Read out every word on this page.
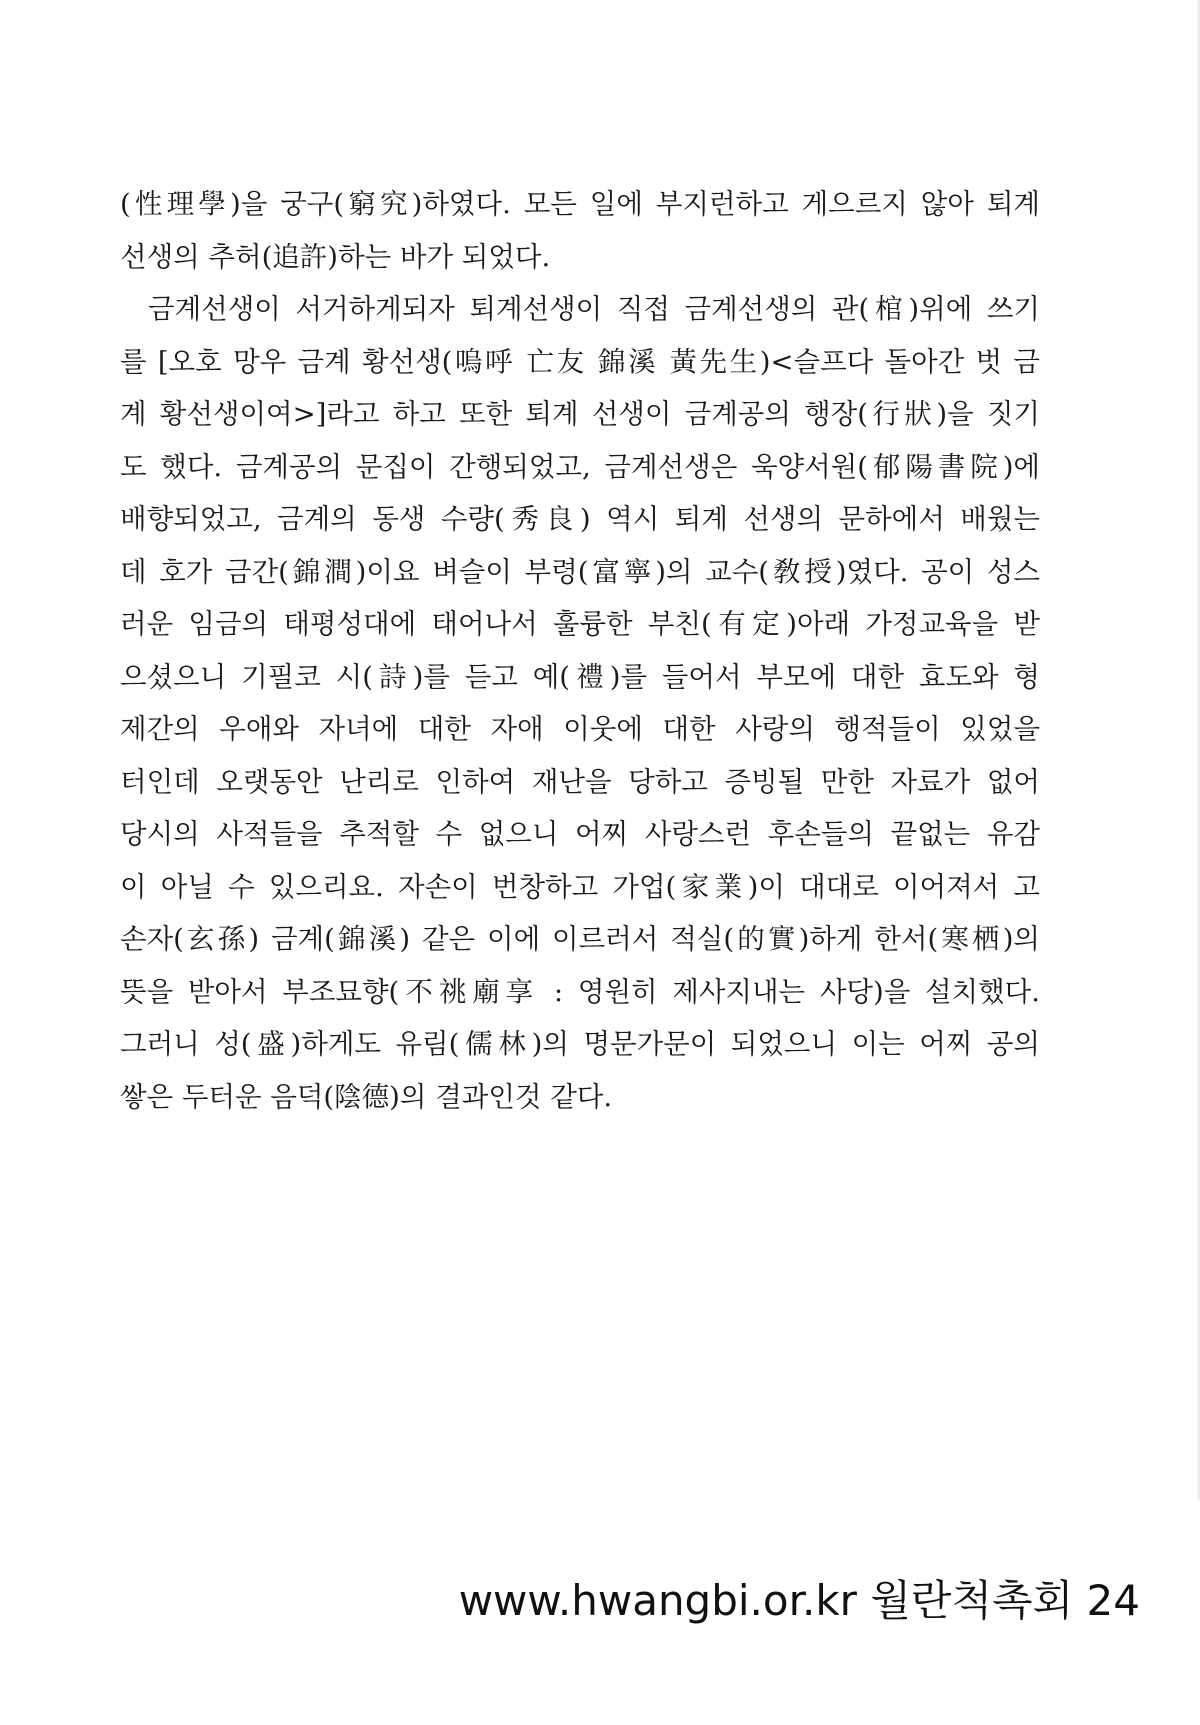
(性理學)을 궁구(窮究)하였다. 모든 일에 부지런하고 게으르지 않아 퇴계
선생의 추허(追許)하는 바가 되었다.
금계선생이 서거하게되자 퇴계선생이 직접 금계선생의 관(棺)위에 쓰기
를 [오호 망우 금계 황선생(嗚呼 亡友 錦溪 黃先生)<슬프다 돌아간 벗 금
계 황선생이여>]라고 하고 또한 퇴계 선생이 금계공의 행장(行狀)을 짓기
도 했다. 금계공의 문집이 간행되었고, 금계선생은 욱양서원(郁陽書院)에
배향되었고, 금계의 동생 수량(秀良) 역시 퇴계 선생의 문하에서 배웠는
데 호가 금간(錦澗)이요 벼슬이 부령(富寧)의 교수(敎授)였다. 공이 성스
러운 임금의 태평성대에 태어나서 훌륭한 부친(有定)아래 가정교육을 받
으셨으니 기필코 시(詩)를 듣고 예(禮)를 들어서 부모에 대한 효도와 형
제간의 우애와 자녀에 대한 자애 이웃에 대한 사랑의 행적들이 있었을
터인데 오랫동안 난리로 인하여 재난을 당하고 증빙될 만한 자료가 없어
당시의 사적들을 추적할 수 없으니 어찌 사랑스런 후손들의 끝없는 유감
이 아닐 수 있으리요. 자손이 번창하고 가업(家業)이 대대로 이어져서 고
손자(玄孫) 금계(錦溪) 같은 이에 이르러서 적실(的實)하게 한서(寒栖)의
뜻을 받아서 부조묘향(不祧廟享 : 영원히 제사지내는 사당)을 설치했다.
그러니 성(盛)하게도 유림(儒林)의 명문가문이 되었으니 이는 어찌 공의
쌓은 두터운 음덕(陰德)의 결과인것 같다.
www.hwangbi.or.kr 월란척촉회 24
